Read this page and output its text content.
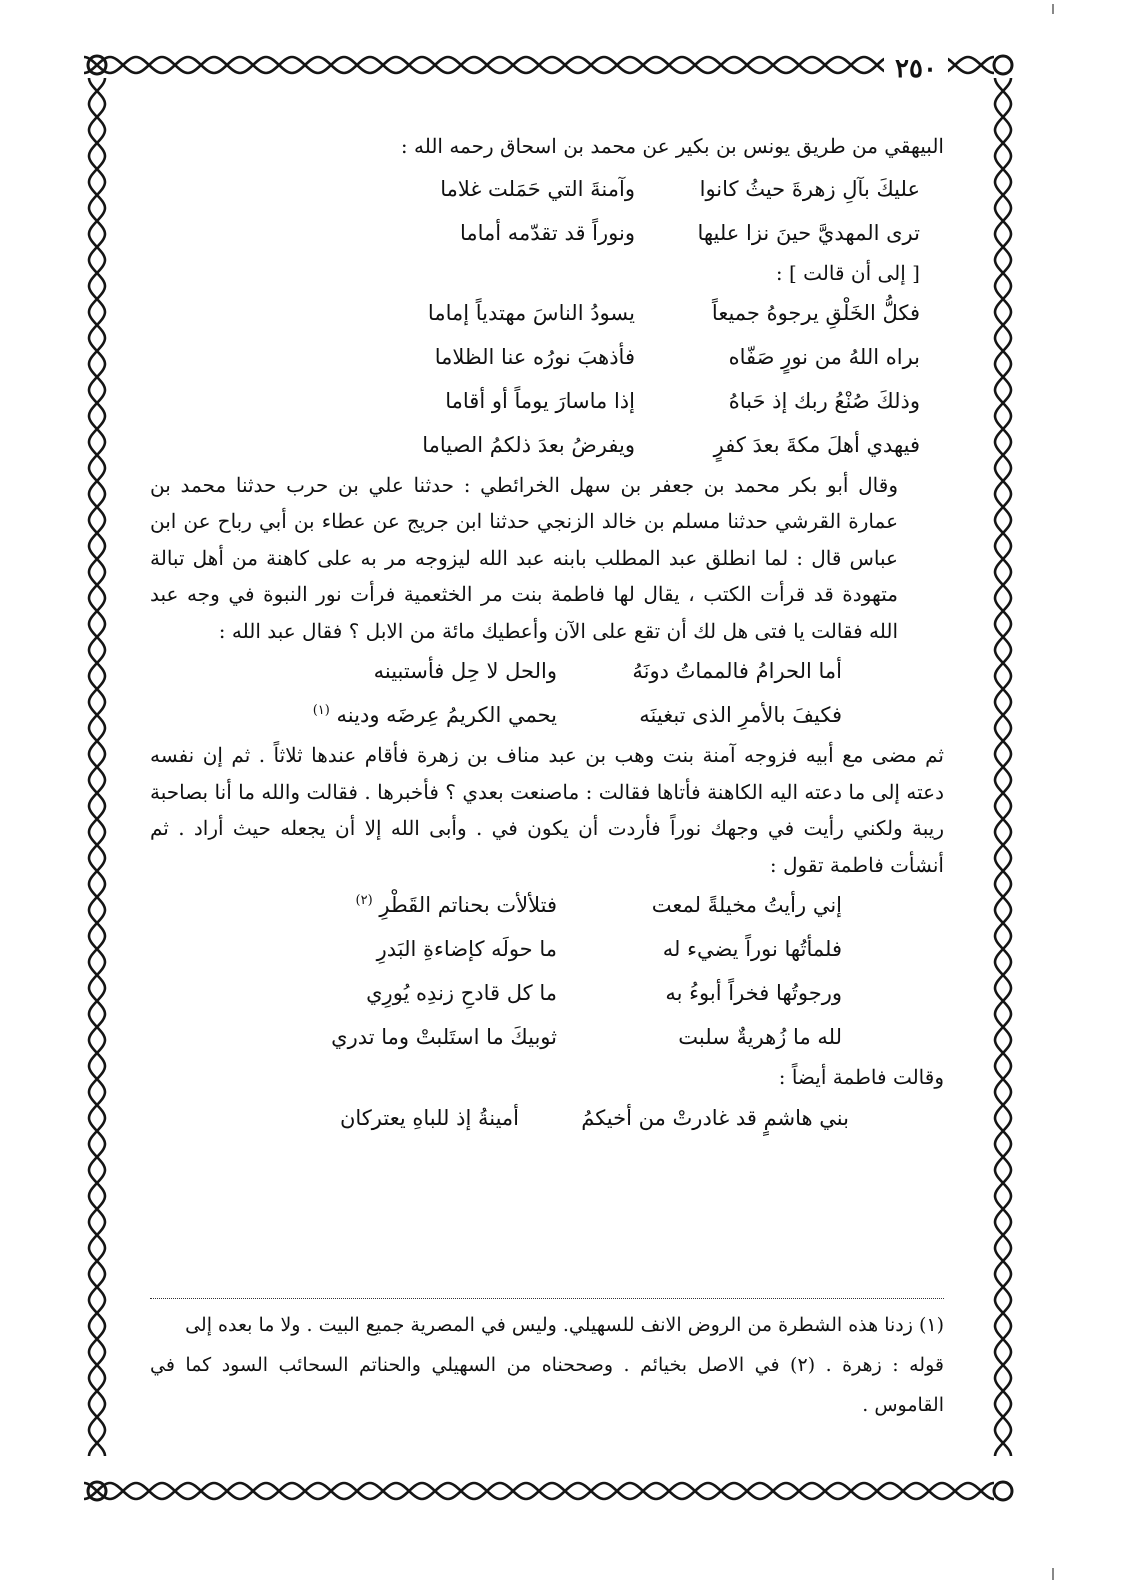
٢٥٠

البيهقي من طريق يونس بن بكير عن محمد بن اسحاق رحمه الله :

عليكَ بآلِ زهرةَ حيثُ كانوا
وآمنةَ التي حَمَلت غلاما
ترى المهديَّ حينَ نزا عليها
ونوراً قد تقدّمه أماما
[ إلى أن قالت ] :
فكلُّ الخَلْقِ يرجوهُ جميعاً
يسودُ الناسَ مهتدياً إماما
براه اللهُ من نورٍ صَفّاه
فأذهبَ نورُه عنا الظلاما
وذلكَ صُنْعُ ربك إذ حَباهُ
إذا ماسارَ يوماً أو أقاما
فيهدي أهلَ مكةَ بعدَ كفرٍ
ويفرضُ بعدَ ذلكمُ الصياما

وقال أبو بكر محمد بن جعفر بن سهل الخرائطي : حدثنا علي بن حرب حدثنا محمد بن عمارة القرشي حدثنا مسلم بن خالد الزنجي حدثنا ابن جريج عن عطاء بن أبي رباح عن ابن عباس قال : لما انطلق عبد المطلب بابنه عبد الله ليزوجه مر به على كاهنة من أهل تبالة متهودة قد قرأت الكتب ، يقال لها فاطمة بنت مر الخثعمية فرأت نور النبوة في وجه عبد الله فقالت يا فتى هل لك أن تقع على الآن وأعطيك مائة من الابل ؟ فقال عبد الله :

أما الحرامُ فالمماتُ دونَهُ
والحل لا حِل فأستبينه
فكيفَ بالأمرِ الذى تبغينَه
يحمي الكريمُ عِرضَه ودينه $^{(١)}$

ثم مضى مع أبيه فزوجه آمنة بنت وهب بن عبد مناف بن زهرة فأقام عندها ثلاثاً . ثم إن نفسه دعته إلى ما دعته اليه الكاهنة فأتاها فقالت : ماصنعت بعدي ؟ فأخبرها . فقالت والله ما أنا بصاحبة ريبة ولكني رأيت في وجهك نوراً فأردت أن يكون في . وأبى الله إلا أن يجعله حيث أراد . ثم أنشأت فاطمة تقول :

إني رأيتُ مخيلةً لمعت
فتلألأت بحناتم القَطْرِ $^{(٢)}$
فلمأتُها نوراً يضيء له
ما حولَه كإضاءةِ البَدرِ
ورجوتُها فخراً أبوءُ به
ما كل قادحِ زندِه يُورِي
لله ما زُهريةٌ سلبت
ثوبيكَ ما استَلبتْ وما تدري

وقالت فاطمة أيضاً :

بني هاشمٍ قد غادرتْ من أخيكمُ
أمينةُ إذ للباهِ يعتركان

(١) زدنا هذه الشطرة من الروض الانف للسهيلي. وليس في المصرية جميع البيت . ولا ما بعده إلى

قوله : زهرة . (٢) في الاصل بخيائم . وصححناه من السهيلي والحناتم السحائب السود كما في القاموس .
